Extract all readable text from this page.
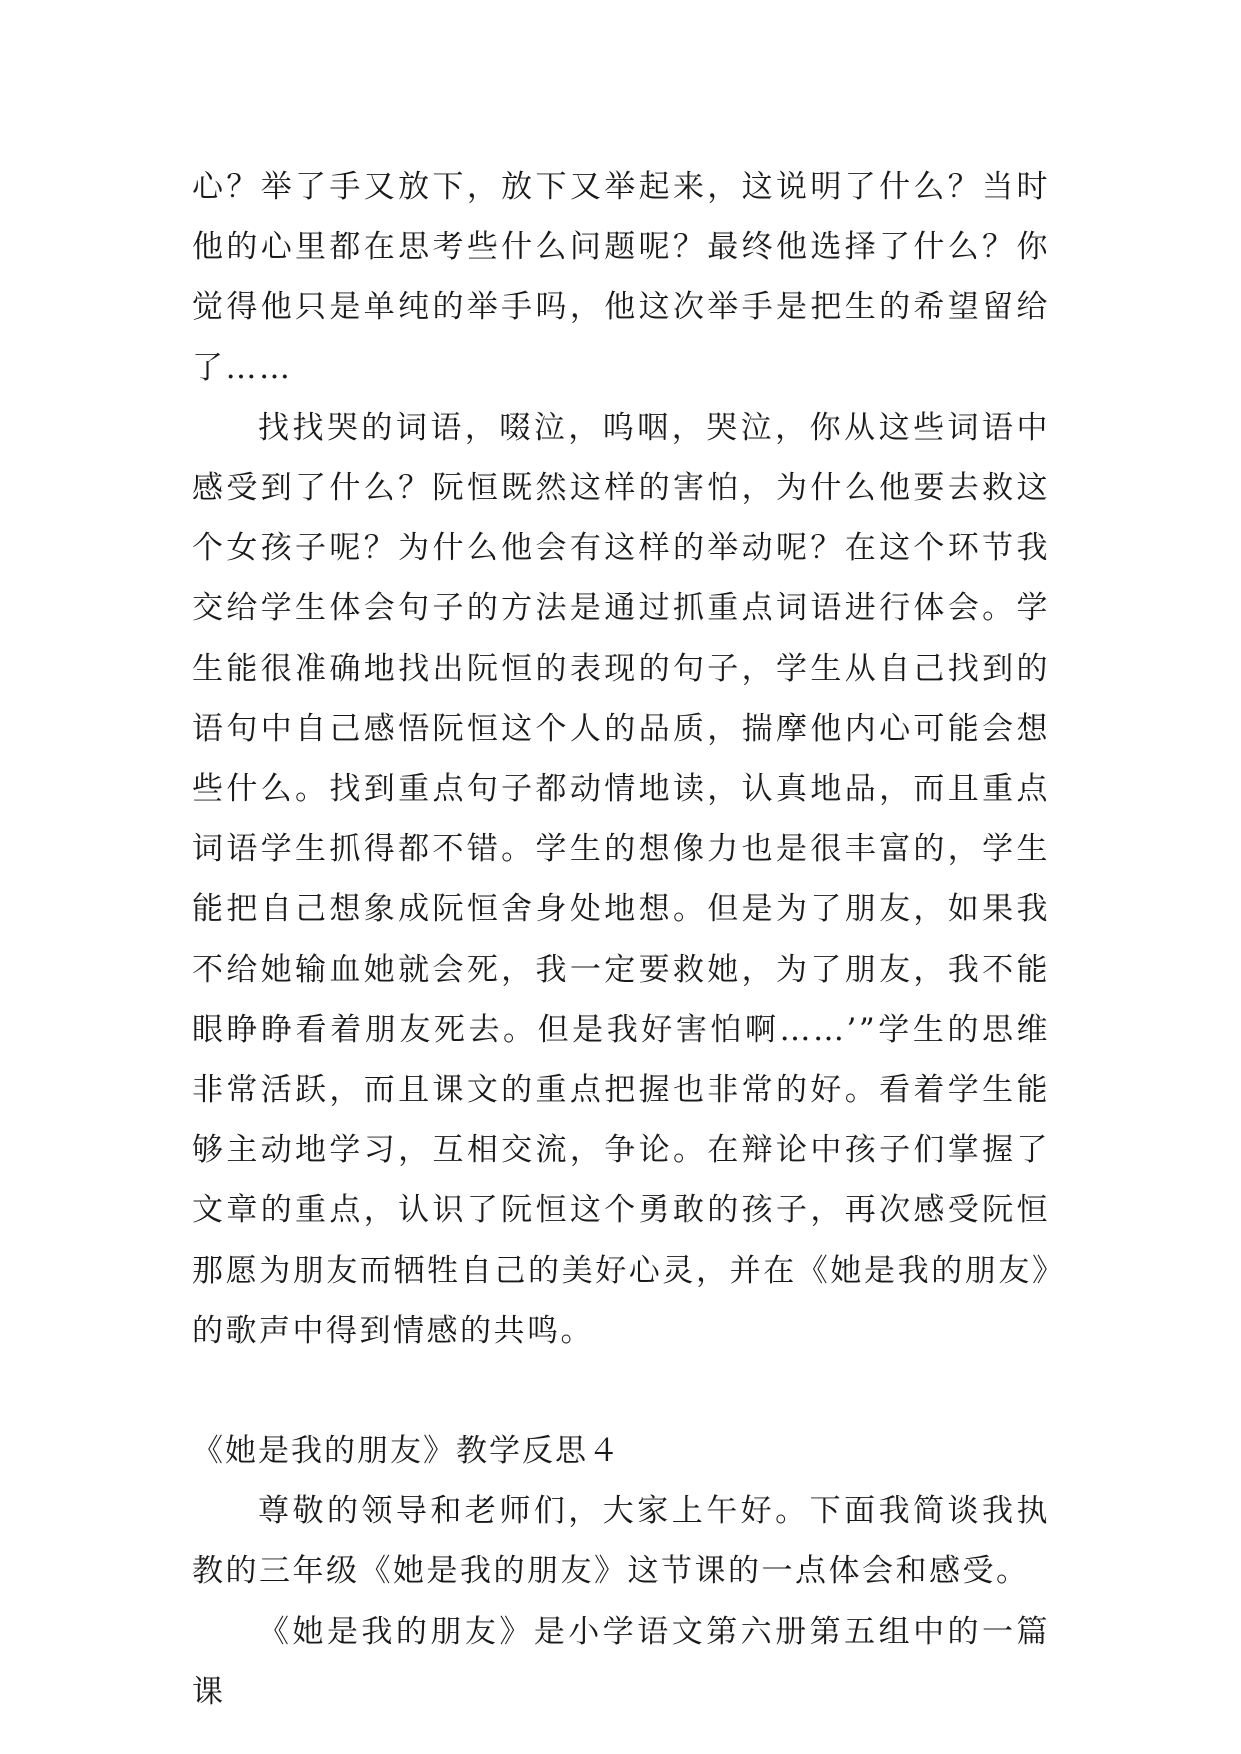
心？举了手又放下，放下又举起来，这说明了什么？当时他的心里都在思考些什么问题呢？最终他选择了什么？你觉得他只是单纯的举手吗，他这次举手是把生的希望留给了……

找找哭的词语，啜泣，呜咽，哭泣，你从这些词语中感受到了什么？阮恒既然这样的害怕，为什么他要去救这个女孩子呢？为什么他会有这样的举动呢？在这个环节我交给学生体会句子的方法是通过抓重点词语进行体会。学生能很准确地找出阮恒的表现的句子，学生从自己找到的语句中自己感悟阮恒这个人的品质，揣摩他内心可能会想些什么。找到重点句子都动情地读，认真地品，而且重点词语学生抓得都不错。学生的想像力也是很丰富的，学生能把自己想象成阮恒舍身处地想。但是为了朋友，如果我不给她输血她就会死，我一定要救她，为了朋友，我不能眼睁睁看着朋友死去。但是我好害怕啊……’”学生的思维非常活跃，而且课文的重点把握也非常的好。看着学生能够主动地学习，互相交流，争论。在辩论中孩子们掌握了文章的重点，认识了阮恒这个勇敢的孩子，再次感受阮恒那愿为朋友而牺牲自己的美好心灵，并在《她是我的朋友》的歌声中得到情感的共鸣。

《她是我的朋友》教学反思４

尊敬的领导和老师们，大家上午好。下面我简谈我执教的三年级《她是我的朋友》这节课的一点体会和感受。

《她是我的朋友》是小学语文第六册第五组中的一篇课
